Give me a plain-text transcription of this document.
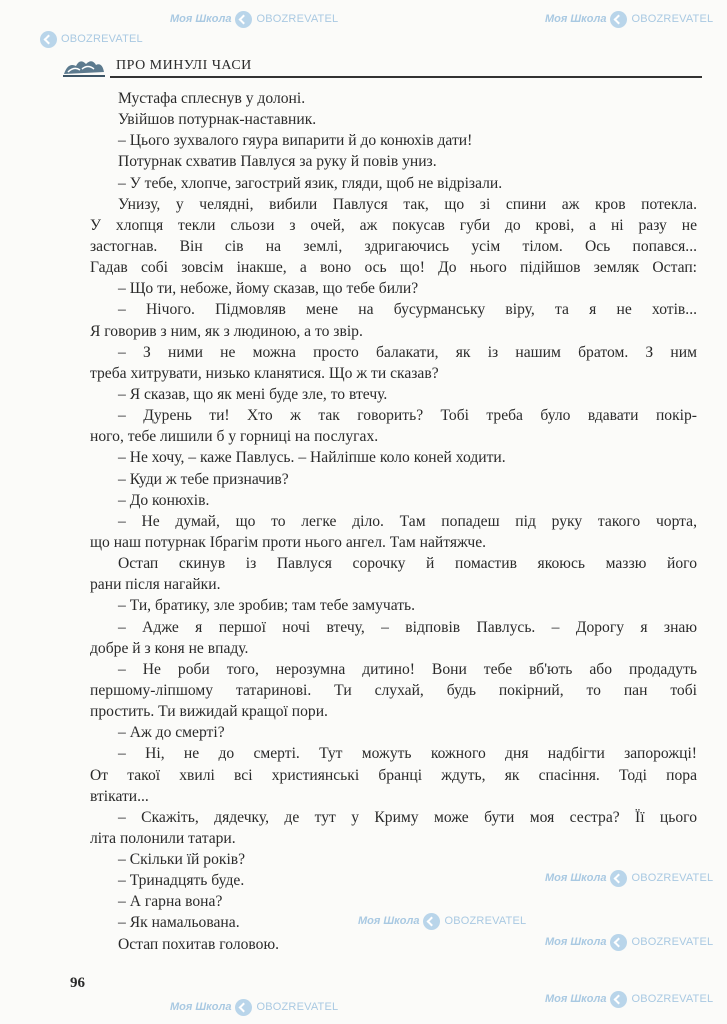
Моя Школа OBOZREVATEL	Моя Школа OBOZREVATEL
OBOZREVATEL
Моя Школа OBOZREVATEL
Моя Школа OBOZREVATEL
Моя Школа OBOZREVATEL
Моя Школа OBOZREVATEL
Моя Школа OBOZREVATEL
ПРО МИНУЛІ ЧАСИ
Мустафа сплеснув у долоні.
Увійшов потурнак-наставник.
– Цього зухвалого гяура випарити й до конюхів дати!
Потурнак схватив Павлуся за руку й повів униз.
– У тебе, хлопче, загострий язик, гляди, щоб не відрізали.
Унизу, у челядні, вибили Павлуся так, що зі спини аж кров потекла.
У хлопця текли сльози з очей, аж покусав губи до крові, а ні разу не
застогнав. Він сів на землі, здригаючись усім тілом. Ось попався...
Гадав собі зовсім інакше, а воно ось що! До нього підійшов земляк Остап:
– Що ти, небоже, йому сказав, що тебе били?
– Нічого. Підмовляв мене на бусурманську віру, та я не хотів...
Я говорив з ним, як з людиною, а то звір.
– З ними не можна просто балакати, як із нашим братом. З ним
треба хитрувати, низько кланятися. Що ж ти сказав?
– Я сказав, що як мені буде зле, то втечу.
– Дурень ти! Хто ж так говорить? Тобі треба було вдавати покір-
ного, тебе лишили б у горниці на послугах.
– Не хочу, – каже Павлусь. – Найліпше коло коней ходити.
– Куди ж тебе призначив?
– До конюхів.
– Не думай, що то легке діло. Там попадеш під руку такого чорта,
що наш потурнак Ібрагім проти нього ангел. Там найтяжче.
Остап скинув із Павлуся сорочку й помастив якоюсь маззю його
рани після нагайки.
– Ти, братику, зле зробив; там тебе замучать.
– Адже я першої ночі втечу, – відповів Павлусь. – Дорогу я знаю
добре й з коня не впаду.
– Не роби того, нерозумна дитино! Вони тебе вб'ють або продадуть
першому-ліпшому татаринові. Ти слухай, будь покірний, то пан тобі
простить. Ти вижидай кращої пори.
– Аж до смерті?
– Ні, не до смерті. Тут можуть кожного дня надбігти запорожці!
От такої хвилі всі християнські бранці ждуть, як спасіння. Тоді пора
втікати...
– Скажіть, дядечку, де тут у Криму може бути моя сестра? Її цього
літа полонили татари.
– Скільки їй років?
– Тринадцять буде.
– А гарна вона?
– Як намальована.
Остап похитав головою.
96
